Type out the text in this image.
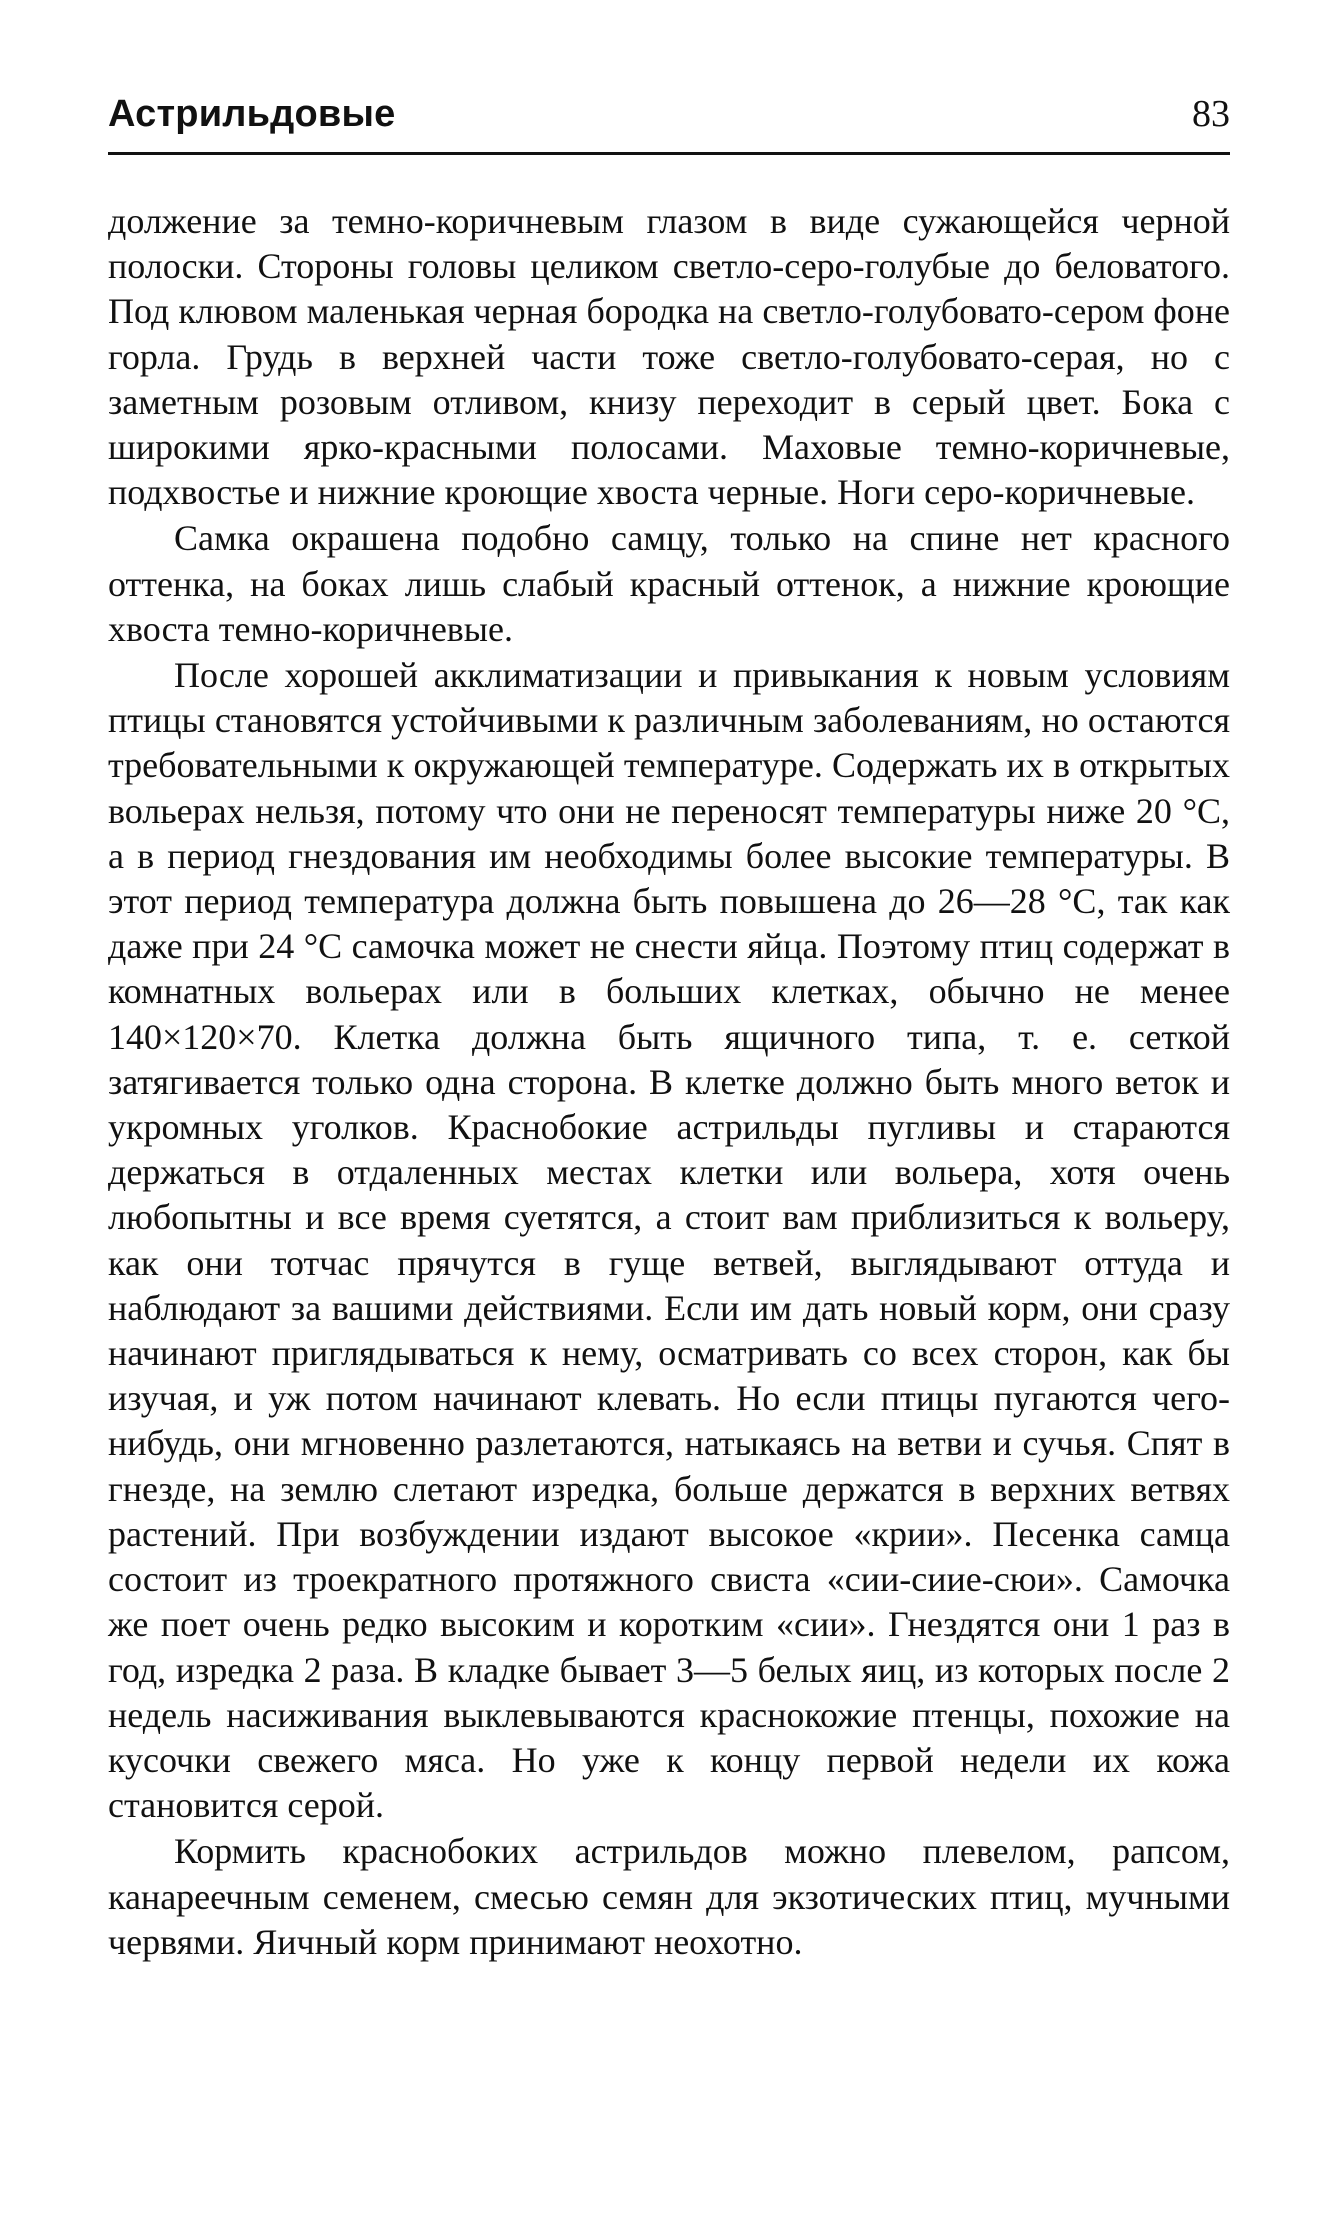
Астрильдовые	83

должение за темно-коричневым глазом в виде сужающейся черной полоски. Стороны головы целиком светло-серо-голубые до беловатого. Под клювом маленькая черная бородка на светло-голубовато-сером фоне горла. Грудь в верхней части тоже светло-голубовато-серая, но с заметным розовым отливом, книзу переходит в серый цвет. Бока с широкими ярко-красными полосами. Маховые темно-коричневые, подхвостье и нижние кроющие хвоста черные. Ноги серо-коричневые.

Самка окрашена подобно самцу, только на спине нет красного оттенка, на боках лишь слабый красный оттенок, а нижние кроющие хвоста темно-коричневые.

После хорошей акклиматизации и привыкания к новым условиям птицы становятся устойчивыми к различным заболеваниям, но остаются требовательными к окружающей температуре. Содержать их в открытых вольерах нельзя, потому что они не переносят температуры ниже 20 °С, а в период гнездования им необходимы более высокие температуры. В этот период температура должна быть повышена до 26—28 °С, так как даже при 24 °С самочка может не снести яйца. Поэтому птиц содержат в комнатных вольерах или в больших клетках, обычно не менее 140×120×70. Клетка должна быть ящичного типа, т. е. сеткой затягивается только одна сторона. В клетке должно быть много веток и укромных уголков. Краснобокие астрильды пугливы и стараются держаться в отдаленных местах клетки или вольера, хотя очень любопытны и все время суетятся, а стоит вам приблизиться к вольеру, как они тотчас прячутся в гуще ветвей, выглядывают оттуда и наблюдают за вашими действиями. Если им дать новый корм, они сразу начинают приглядываться к нему, осматривать со всех сторон, как бы изучая, и уж потом начинают клевать. Но если птицы пугаются чего-нибудь, они мгновенно разлетаются, натыкаясь на ветви и сучья. Спят в гнезде, на землю слетают изредка, больше держатся в верхних ветвях растений. При возбуждении издают высокое «крии». Песенка самца состоит из троекратного протяжного свиста «сии-сиие-сюи». Самочка же поет очень редко высоким и коротким «сии». Гнездятся они 1 раз в год, изредка 2 раза. В кладке бывает 3—5 белых яиц, из которых после 2 недель насиживания выклевываются краснокожие птенцы, похожие на кусочки свежего мяса. Но уже к концу первой недели их кожа становится серой.

Кормить краснобоких астрильдов можно плевелом, рапсом, канареечным семенем, смесью семян для экзотических птиц, мучными червями. Яичный корм принимают неохотно.
